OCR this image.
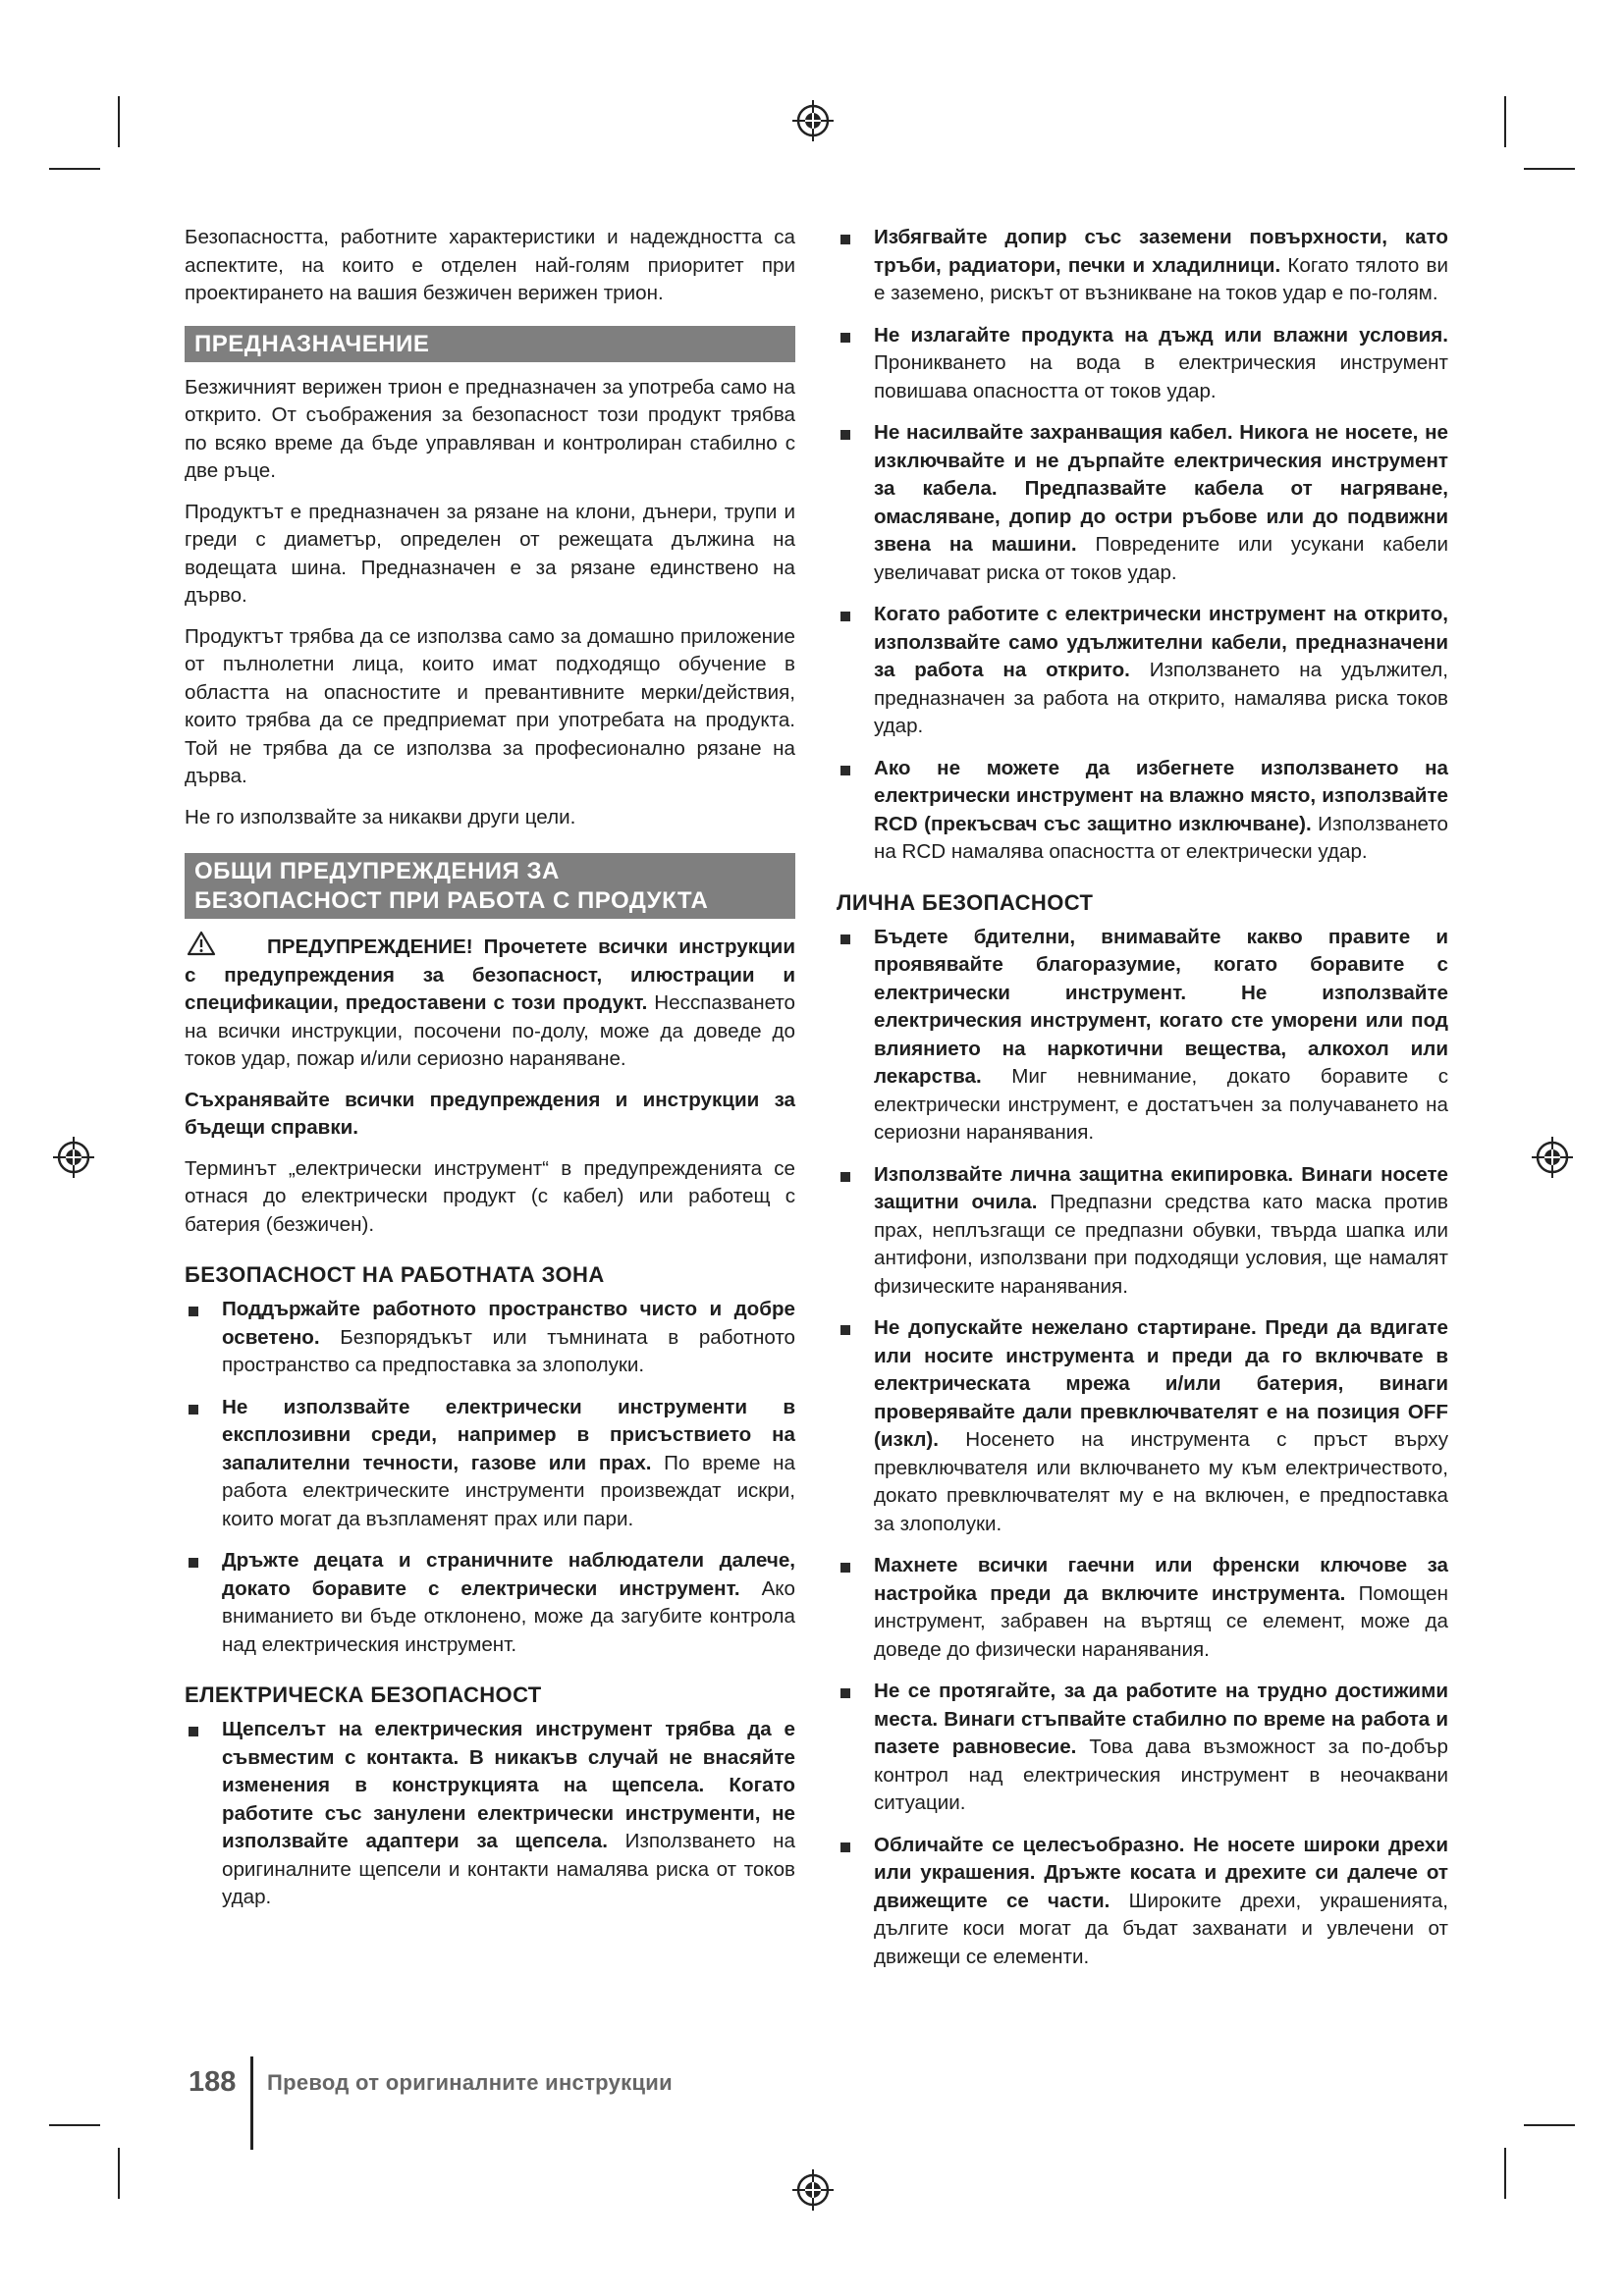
Безопасността, работните характеристики и надеждността са аспектите, на които е отделен най-голям приоритет при проектирането на вашия безжичен верижен трион.

ПРЕДНАЗНАЧЕНИЕ

Безжичният верижен трион е предназначен за употреба само на открито. От съображения за безопасност този продукт трябва по всяко време да бъде управляван и контролиран стабилно с две ръце.

Продуктът е предназначен за рязане на клони, дънери, трупи и греди с диаметър, определен от режещата дължина на водещата шина. Предназначен е за рязане единствено на дърво.

Продуктът трябва да се използва само за домашно приложение от пълнолетни лица, които имат подходящо обучение в областта на опасностите и превантивните мерки/действия, които трябва да се предприемат при употребата на продукта. Той не трябва да се използва за професионално рязане на дърва.

Не го използвайте за никакви други цели.

ОБЩИ ПРЕДУПРЕЖДЕНИЯ ЗА
БЕЗОПАСНОСТ ПРИ РАБОТА С ПРОДУКТА

ПРЕДУПРЕЖДЕНИЕ! Прочетете всички инструкции с предупреждения за безопасност, илюстрации и спецификации, предоставени с този продукт. Несспазването на всички инструкции, посочени по-долу, може да доведе до токов удар, пожар и/или сериозно нараняване.

Съхранявайте всички предупреждения и инструкции за бъдещи справки.

Терминът „електрически инструмент“ в предупрежденията се отнася до електрически продукт (с кабел) или работещ с батерия (безжичен).

БЕЗОПАСНОСТ НА РАБОТНАТА ЗОНА
Поддържайте работното пространство чисто и добре осветено. Безпорядъкът или тъмнината в работното пространство са предпоставка за злополуки.
Не използвайте електрически инструменти в експлозивни среди, например в присъствието на запалителни течности, газове или прах. По време на работа електрическите инструменти произвеждат искри, които могат да възпламенят прах или пари.
Дръжте децата и страничните наблюдатели далече, докато боравите с електрически инструмент. Ако вниманието ви бъде отклонено, може да загубите контрола над електрическия инструмент.
ЕЛЕКТРИЧЕСКА БЕЗОПАСНОСТ
Щепселът на електрическия инструмент трябва да е съвместим с контакта. В никакъв случай не внасяйте изменения в конструкцията на щепсела. Когато работите със занулени електрически инструменти, не използвайте адаптери за щепсела. Използването на оригиналните щепсели и контакти намалява риска от токов удар.
Избягвайте допир със заземени повърхности, като тръби, радиатори, печки и хладилници. Когато тялото ви е заземено, рискът от възникване на токов удар е по-голям.
Не излагайте продукта на дъжд или влажни условия. Проникването на вода в електрическия инструмент повишава опасността от токов удар.
Не насилвайте захранващия кабел. Никога не носете, не изключвайте и не дърпайте електрическия инструмент за кабела. Предпазвайте кабела от нагряване, омасляване, допир до остри ръбове или до подвижни звена на машини. Повредените или усукани кабели увеличават риска от токов удар.
Когато работите с електрически инструмент на открито, използвайте само удължителни кабели, предназначени за работа на открито. Използването на удължител, предназначен за работа на открито, намалява риска токов удар.
Ако не можете да избегнете използването на електрически инструмент на влажно място, използвайте RCD (прекъсвач със защитно изключване). Използването на RCD намалява опасността от електрически удар.
ЛИЧНА БЕЗОПАСНОСТ
Бъдете бдителни, внимавайте какво правите и проявявайте благоразумие, когато боравите с електрически инструмент. Не използвайте електрическия инструмент, когато сте уморени или под влиянието на наркотични вещества, алкохол или лекарства. Миг невнимание, докато боравите с електрически инструмент, е достатъчен за получаването на сериозни наранявания.
Използвайте лична защитна екипировка. Винаги носете защитни очила. Предпазни средства като маска против прах, неплъзгащи се предпазни обувки, твърда шапка или антифони, използвани при подходящи условия, ще намалят физическите наранявания.
Не допускайте нежелано стартиране. Преди да вдигате или носите инструмента и преди да го включвате в електрическата мрежа и/или батерия, винаги проверявайте дали превключвателят е на позиция OFF (изкл). Носенето на инструмента с пръст върху превключвателя или включването му към електричеството, докато превключвателят му е на включен, е предпоставка за злополуки.
Махнете всички гаечни или френски ключове за настройка преди да включите инструмента. Помощен инструмент, забравен на въртящ се елемент, може да доведе до физически наранявания.
Не се протягайте, за да работите на трудно достижими места. Винаги стъпвайте стабилно по време на работа и пазете равновесие. Това дава възможност за по-добър контрол над електрическия инструмент в неочаквани ситуации.
Обличайте се целесъобразно. Не носете широки дрехи или украшения. Дръжте косата и дрехите си далече от движещите се части. Широките дрехи, украшенията, дългите коси могат да бъдат захванати и увлечени от движещи се елементи.
188 Превод от оригиналните инструкции
